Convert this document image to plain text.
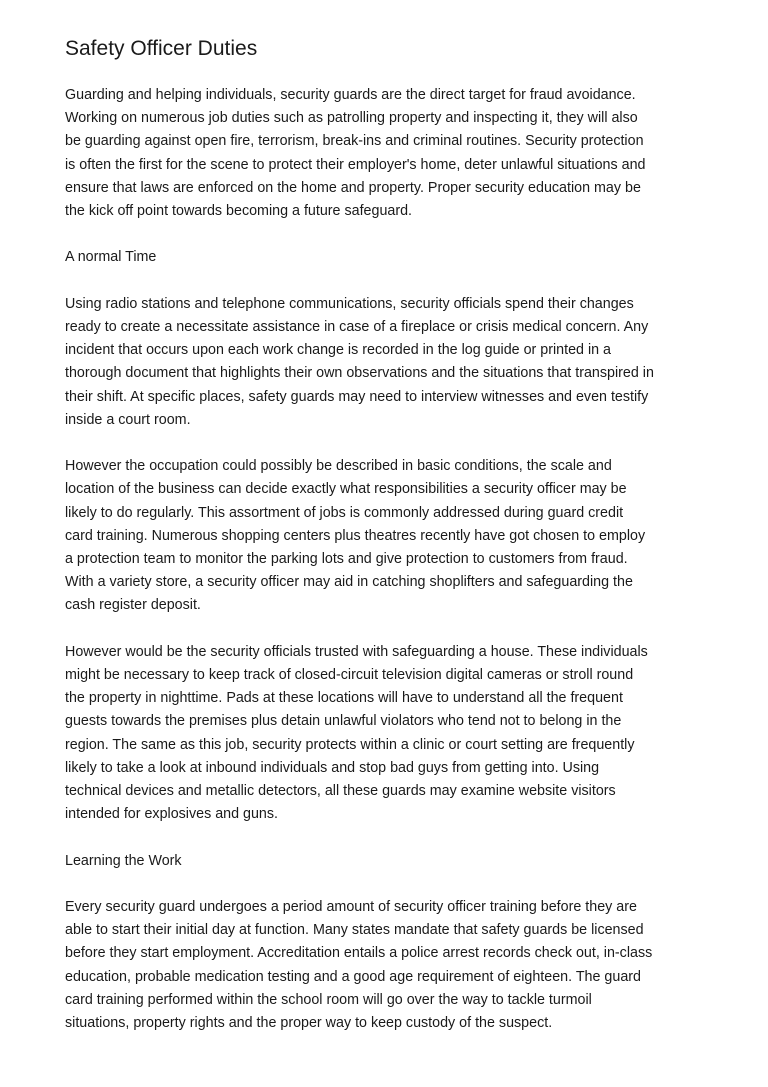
Safety Officer Duties
Guarding and helping individuals, security guards are the direct target for fraud avoidance.
Working on numerous job duties such as patrolling property and inspecting it, they will also
be guarding against open fire, terrorism, break-ins and criminal routines. Security protection
is often the first for the scene to protect their employer's home, deter unlawful situations and
ensure that laws are enforced on the home and property. Proper security education may be
the kick off point towards becoming a future safeguard.
A normal Time
Using radio stations and telephone communications, security officials spend their changes
ready to create a necessitate assistance in case of a fireplace or crisis medical concern. Any
incident that occurs upon each work change is recorded in the log guide or printed in a
thorough document that highlights their own observations and the situations that transpired in
their shift. At specific places, safety guards may need to interview witnesses and even testify
inside a court room.
However the occupation could possibly be described in basic conditions, the scale and
location of the business can decide exactly what responsibilities a security officer may be
likely to do regularly. This assortment of jobs is commonly addressed during guard credit
card training. Numerous shopping centers plus theatres recently have got chosen to employ
a protection team to monitor the parking lots and give protection to customers from fraud.
With a variety store, a security officer may aid in catching shoplifters and safeguarding the
cash register deposit.
However would be the security officials trusted with safeguarding a house. These individuals
might be necessary to keep track of closed-circuit television digital cameras or stroll round
the property in nighttime. Pads at these locations will have to understand all the frequent
guests towards the premises plus detain unlawful violators who tend not to belong in the
region. The same as this job, security protects within a clinic or court setting are frequently
likely to take a look at inbound individuals and stop bad guys from getting into. Using
technical devices and metallic detectors, all these guards may examine website visitors
intended for explosives and guns.
Learning the Work
Every security guard undergoes a period amount of security officer training before they are
able to start their initial day at function. Many states mandate that safety guards be licensed
before they start employment. Accreditation entails a police arrest records check out, in-class
education, probable medication testing and a good age requirement of eighteen. The guard
card training performed within the school room will go over the way to tackle turmoil
situations, property rights and the proper way to keep custody of the suspect.
